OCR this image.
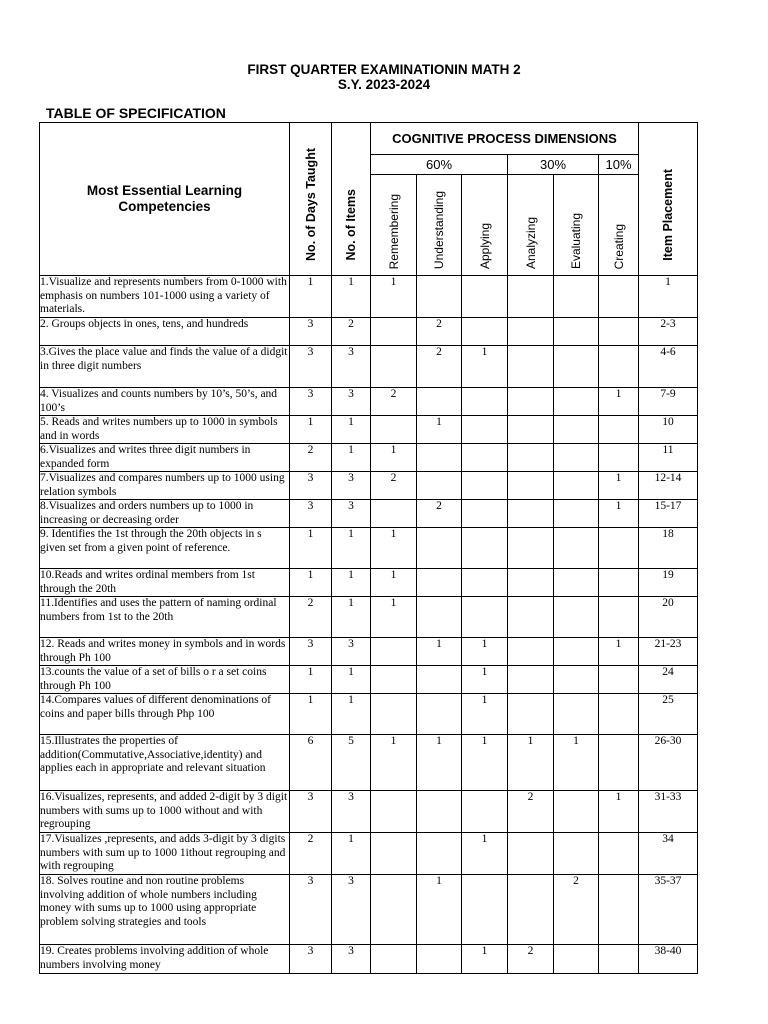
FIRST QUARTER EXAMINATIONIN MATH 2
S.Y. 2023-2024
TABLE OF SPECIFICATION
Most Essential Learning Competencies	No. of Days Taught	No. of Items	COGNITIVE PROCESS DIMENSIONS						Item Placement

			60%			30%		10%	

			Remembering	Understanding	Applying	Analyzing	Evaluating	Creating	

1.Visualize and represents numbers from 0-1000 with emphasis on numbers 101-1000 using a variety of materials.	1	1	1						1
2. Groups objects in ones, tens, and hundreds	3	2		2					2-3
3.Gives the place value and finds the value of a didgit in three digit numbers	3	3		2	1				4-6
4. Visualizes and counts numbers by 10’s, 50’s, and 100’s	3	3	2					1	7-9
5. Reads and writes numbers up to 1000 in symbols and in words	1	1		1					10
6.Visualizes and writes three digit numbers in expanded form	2	1	1						11
7.Visualizes and compares numbers up to 1000 using relation symbols	3	3	2					1	12-14
8.Visualizes and orders numbers up to 1000 in increasing or decreasing order	3	3		2				1	15-17
9. Identifies the 1st through the 20th objects in s given set from a given point of reference.	1	1	1						18
10.Reads and writes ordinal members from 1st through the 20th	1	1	1						19
11.Identifies and uses the pattern of naming ordinal numbers from 1st to the 20th	2	1	1						20
12. Reads and writes money in symbols and in words through Ph 100	3	3		1	1			1	21-23
13.counts the value of a set of bills o r a set coins through Ph 100	1	1			1				24
14.Compares values of different denominations of coins and paper bills through Php 100	1	1			1				25
15.Illustrates the properties of addition(Commutative,Associative,identity) and applies each in appropriate and relevant situation	6	5	1	1	1	1	1		26-30
16.Visualizes, represents, and added 2-digit by 3 digit numbers with sums up to 1000 without and with regrouping	3	3				2		1	31-33
17.Visualizes ,represents, and adds 3-digit by 3 digits numbers with sum up to 1000 1ithout regrouping and with regrouping	2	1			1				34
18. Solves routine and non routine problems involving addition of whole numbers including money with sums up to 1000 using appropriate problem solving strategies and tools	3	3		1			2		35-37
19. Creates problems involving addition of whole numbers involving money	3	3			1	2			38-40
